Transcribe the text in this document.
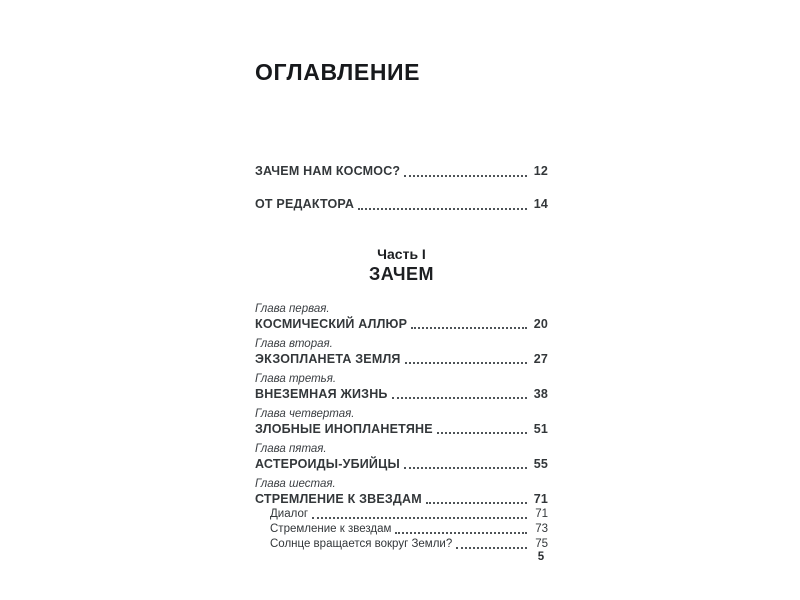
ОГЛАВЛЕНИЕ
ЗАЧЕМ НАМ КОСМОС?	12
ОТ РЕДАКТОРА	14
Часть I
ЗАЧЕМ
Глава первая.
КОСМИЧЕСКИЙ АЛЛЮР	20
Глава вторая.
ЭКЗОПЛАНЕТА ЗЕМЛЯ	27
Глава третья.
ВНЕЗЕМНАЯ ЖИЗНЬ	38
Глава четвертая.
ЗЛОБНЫЕ ИНОПЛАНЕТЯНЕ	51
Глава пятая.
АСТЕРОИДЫ-УБИЙЦЫ	55
Глава шестая.
СТРЕМЛЕНИЕ К ЗВЕЗДАМ	71
Диалог	71
Стремление к звездам	73
Солнце вращается вокруг Земли?	75
5
